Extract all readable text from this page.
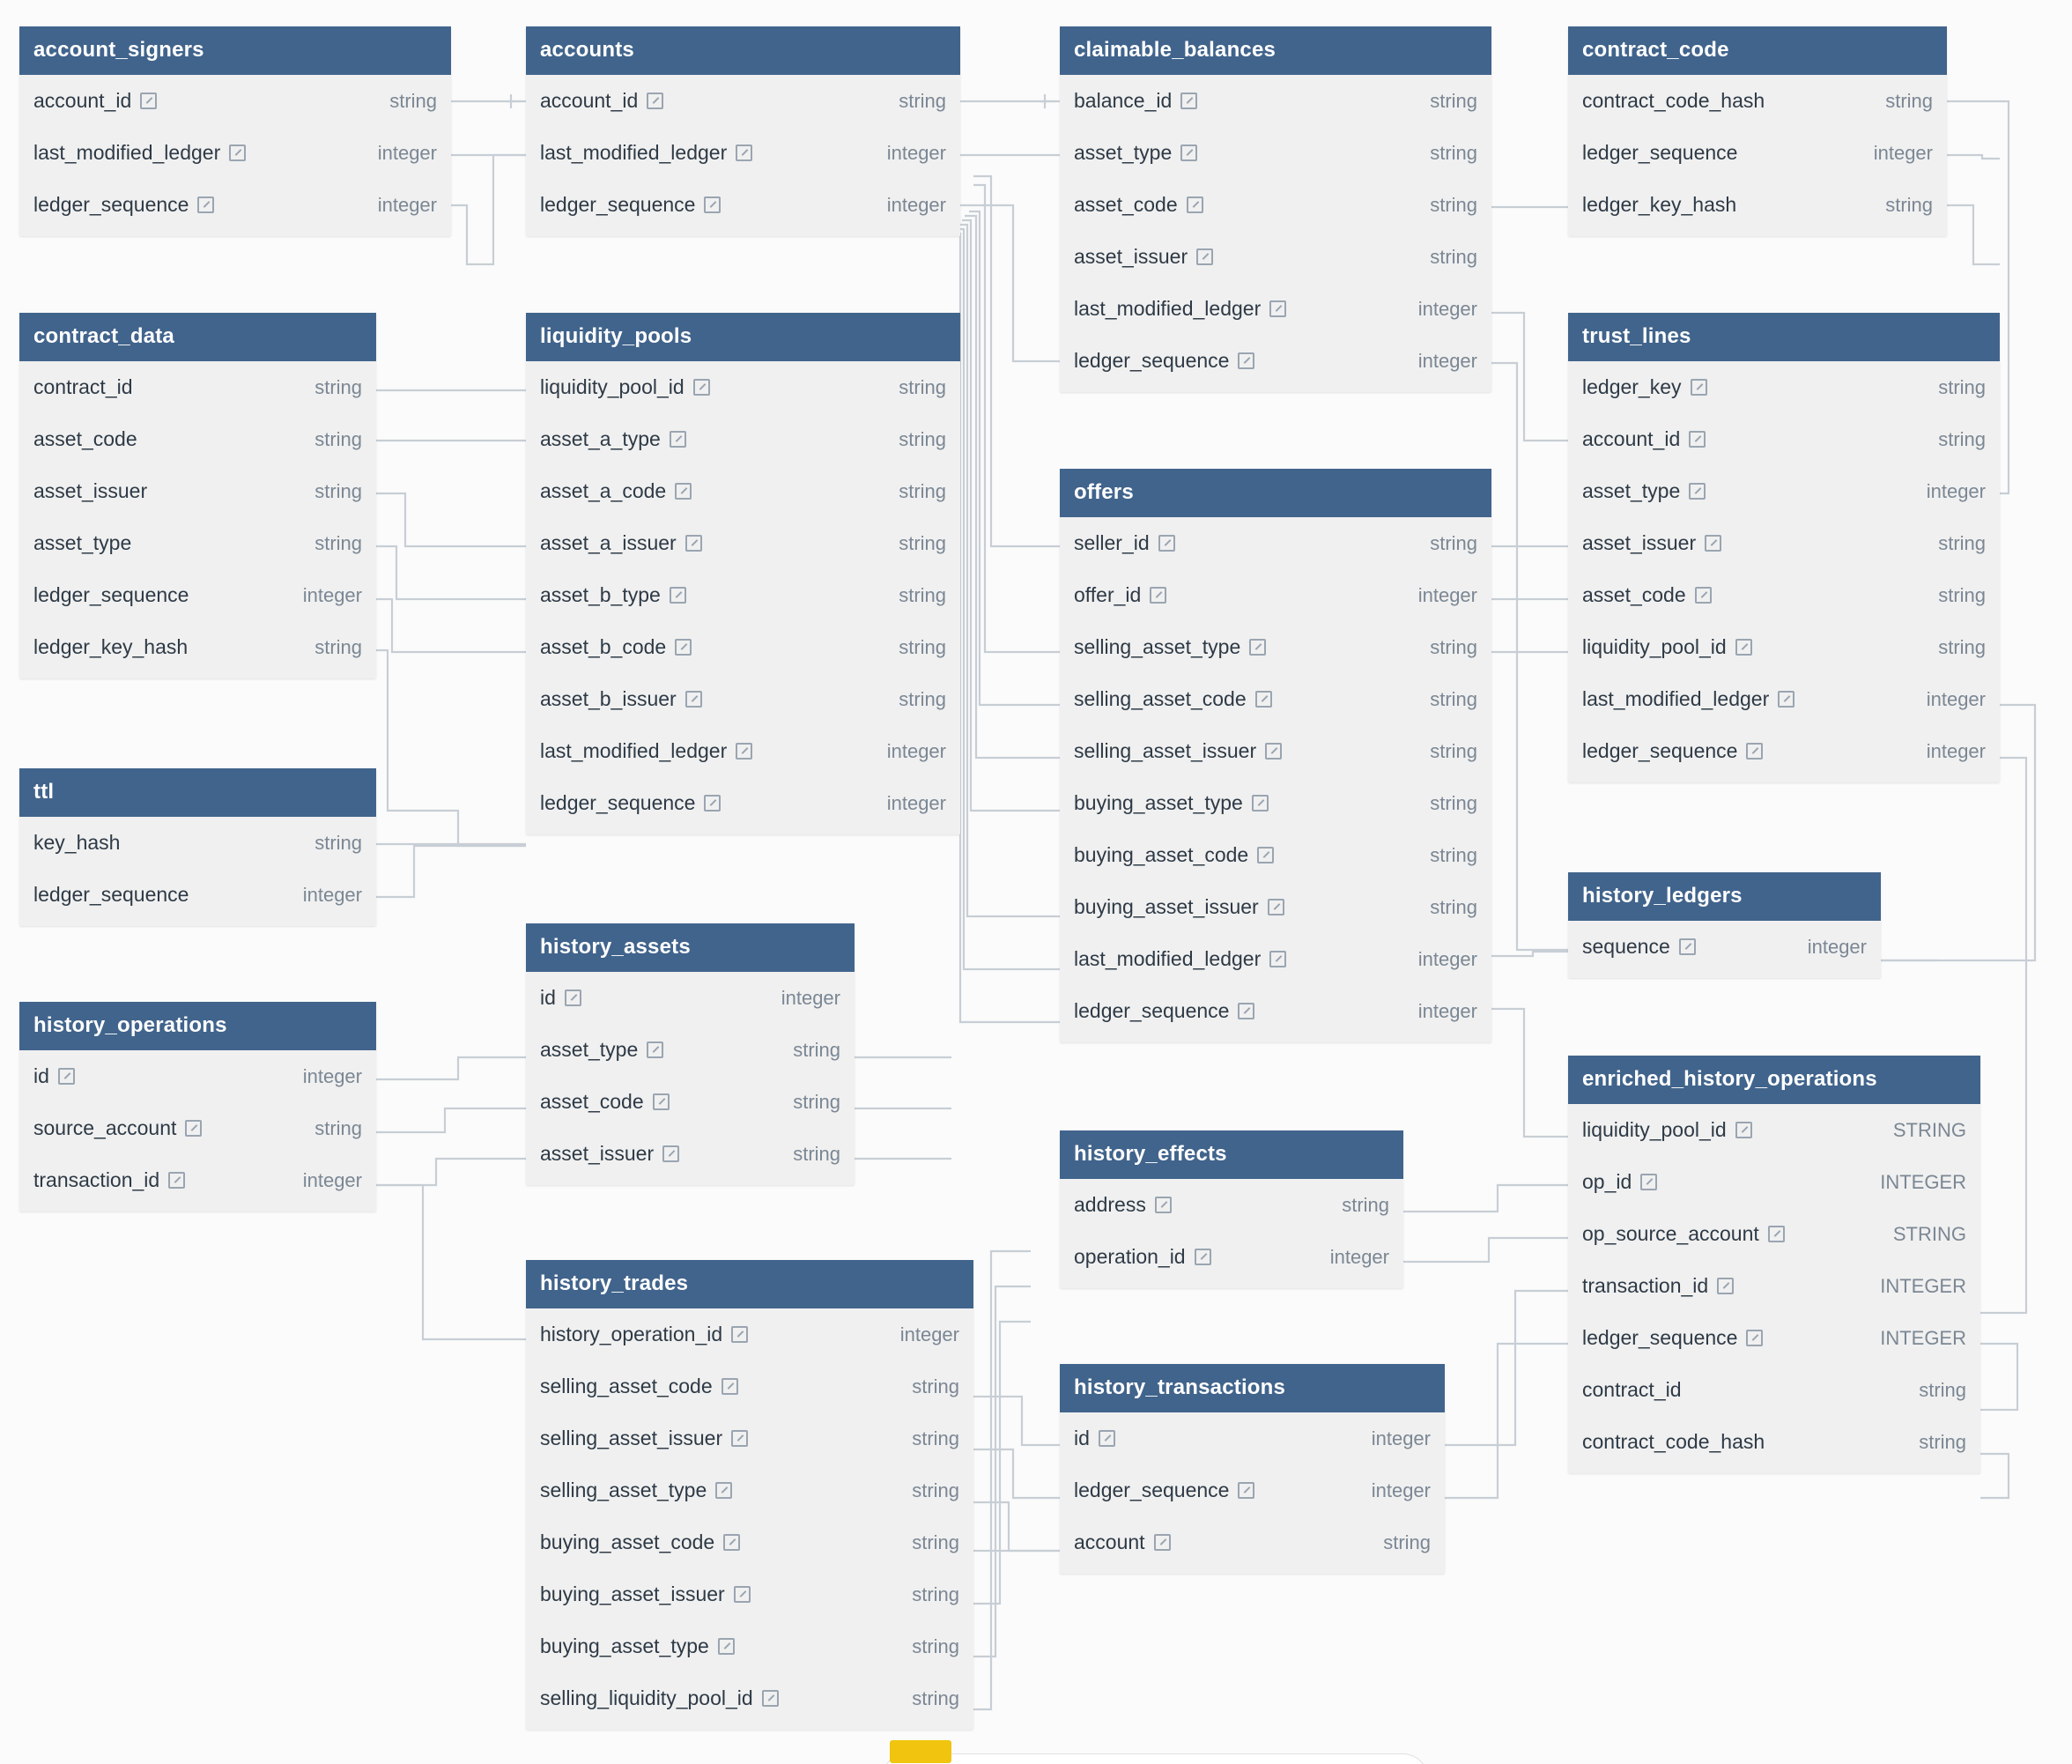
account_signers
account_id	string
last_modified_ledger	integer
ledger_sequence	integer
accounts
account_id	string
last_modified_ledger	integer
ledger_sequence	integer
claimable_balances
balance_id	string
asset_type	string
asset_code	string
asset_issuer	string
last_modified_ledger	integer
ledger_sequence	integer
contract_code
contract_code_hash	string
ledger_sequence	integer
ledger_key_hash	string
contract_data
contract_id	string
asset_code	string
asset_issuer	string
asset_type	string
ledger_sequence	integer
ledger_key_hash	string
liquidity_pools
liquidity_pool_id	string
asset_a_type	string
asset_a_code	string
asset_a_issuer	string
asset_b_type	string
asset_b_code	string
asset_b_issuer	string
last_modified_ledger	integer
ledger_sequence	integer
trust_lines
ledger_key	string
account_id	string
asset_type	integer
asset_issuer	string
asset_code	string
liquidity_pool_id	string
last_modified_ledger	integer
ledger_sequence	integer
offers
seller_id	string
offer_id	integer
selling_asset_type	string
selling_asset_code	string
selling_asset_issuer	string
buying_asset_type	string
buying_asset_code	string
buying_asset_issuer	string
last_modified_ledger	integer
ledger_sequence	integer
ttl
key_hash	string
ledger_sequence	integer
history_assets
id	integer
asset_type	string
asset_code	string
asset_issuer	string
history_ledgers
sequence	integer
history_operations
id	integer
source_account	string
transaction_id	integer
enriched_history_operations
liquidity_pool_id	STRING
op_id	INTEGER
op_source_account	STRING
transaction_id	INTEGER
ledger_sequence	INTEGER
contract_id	string
contract_code_hash	string
history_effects
address	string
operation_id	integer
history_trades
history_operation_id	integer
selling_asset_code	string
selling_asset_issuer	string
selling_asset_type	string
buying_asset_code	string
buying_asset_issuer	string
buying_asset_type	string
selling_liquidity_pool_id	string
history_transactions
id	integer
ledger_sequence	integer
account	string
